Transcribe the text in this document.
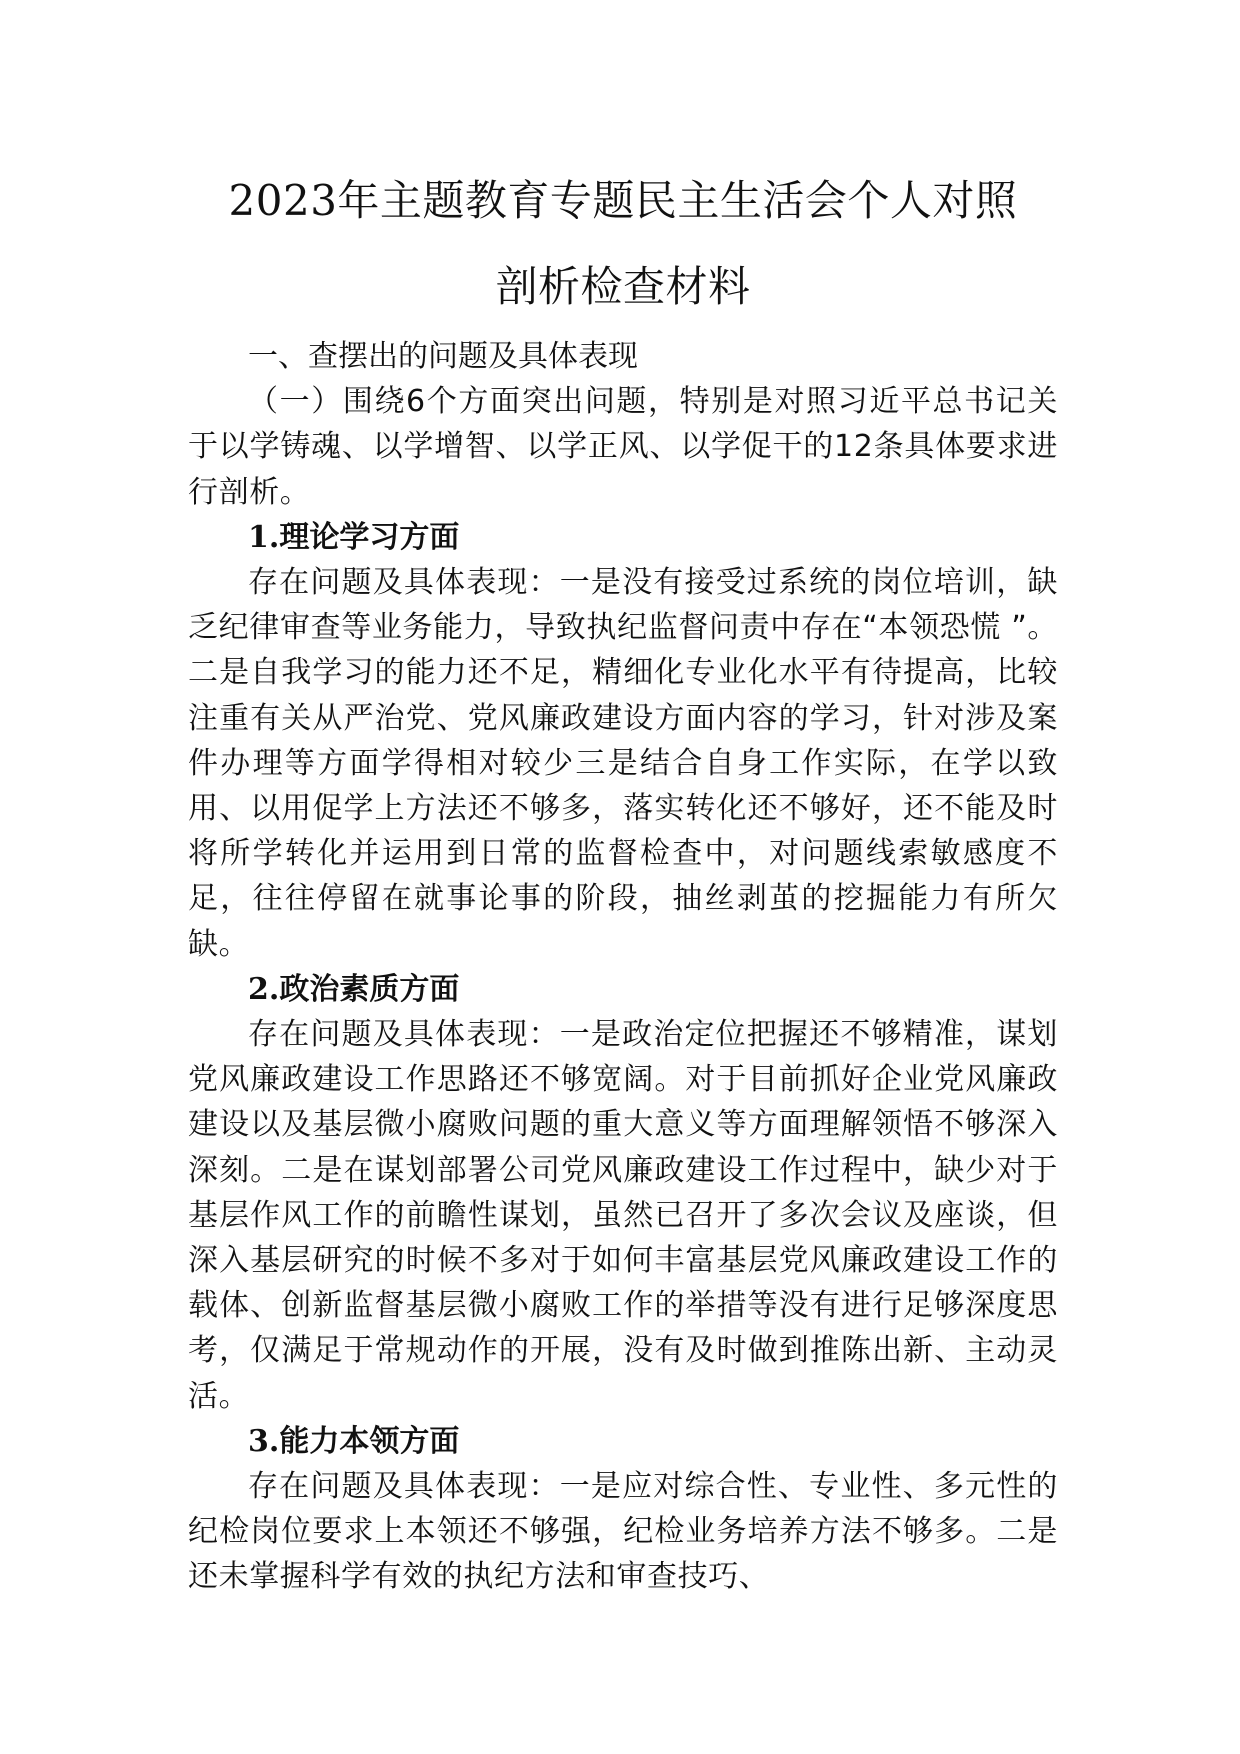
2023年主题教育专题民主生活会个人对照

剖析检查材料

一、查摆出的问题及具体表现

（一）围绕6个方面突出问题，特别是对照习近平总书记关于以学铸魂、以学增智、以学正风、以学促干的12条具体要求进行剖析。

1.理论学习方面

存在问题及具体表现：一是没有接受过系统的岗位培训，缺乏纪律审查等业务能力，导致执纪监督问责中存在“本领恐慌 ”。二是自我学习的能力还不足，精细化专业化水平有待提高，比较注重有关从严治党、党风廉政建设方面内容的学习，针对涉及案件办理等方面学得相对较少三是结合自身工作实际，在学以致用、以用促学上方法还不够多，落实转化还不够好，还不能及时将所学转化并运用到日常的监督检查中，对问题线索敏感度不足，往往停留在就事论事的阶段，抽丝剥茧的挖掘能力有所欠缺。

2.政治素质方面

存在问题及具体表现：一是政治定位把握还不够精准，谋划党风廉政建设工作思路还不够宽阔。对于目前抓好企业党风廉政建设以及基层微小腐败问题的重大意义等方面理解领悟不够深入深刻。二是在谋划部署公司党风廉政建设工作过程中，缺少对于基层作风工作的前瞻性谋划，虽然已召开了多次会议及座谈，但深入基层研究的时候不多对于如何丰富基层党风廉政建设工作的载体、创新监督基层微小腐败工作的举措等没有进行足够深度思考，仅满足于常规动作的开展，没有及时做到推陈出新、主动灵活。

3.能力本领方面

存在问题及具体表现：一是应对综合性、专业性、多元性的纪检岗位要求上本领还不够强，纪检业务培养方法不够多。二是还未掌握科学有效的执纪方法和审查技巧、
